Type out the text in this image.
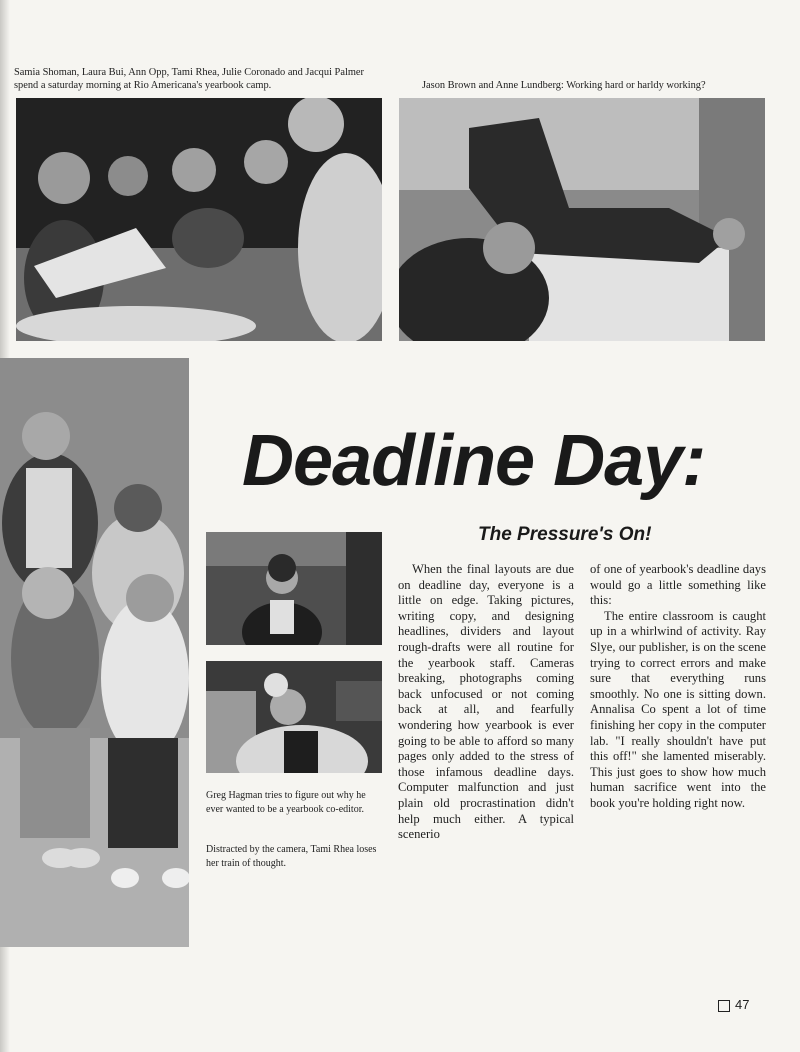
Samia Shoman, Laura Bui, Ann Opp, Tami Rhea, Julie Coronado and Jacqui Palmer spend a saturday morning at Rio Americana's yearbook camp.	Jason Brown and Anne Lundberg: Working hard or harldy working?
Greg Hagman tries to figure out why he ever wanted to be a yearbook co-editor.
Distracted by the camera, Tami Rhea loses her train of thought.
Deadline Day:
The Pressure's On!

When the final layouts are due on deadline day, everyone is a little on edge. Taking pictures, writing copy, and designing headlines, dividers and layout rough-drafts were all routine for the yearbook staff. Cameras breaking, photographs coming back unfocused or not coming back at all, and fearfully wondering how yearbook is ever going to be able to afford so many pages only added to the stress of those infamous deadline days. Computer malfunction and just plain old procrastination didn't help much either. A typical scenerio

of one of yearbook's deadline days would go a little something like this:

The entire classroom is caught up in a whirlwind of activity. Ray Slye, our publisher, is on the scene trying to correct errors and make sure that everything runs smoothly. No one is sitting down. Annalisa Co spent a lot of time finishing her copy in the computer lab. "I really shouldn't have put this off!" she lamented miserably. This just goes to show how much human sacrifice went into the book you're holding right now.

47
